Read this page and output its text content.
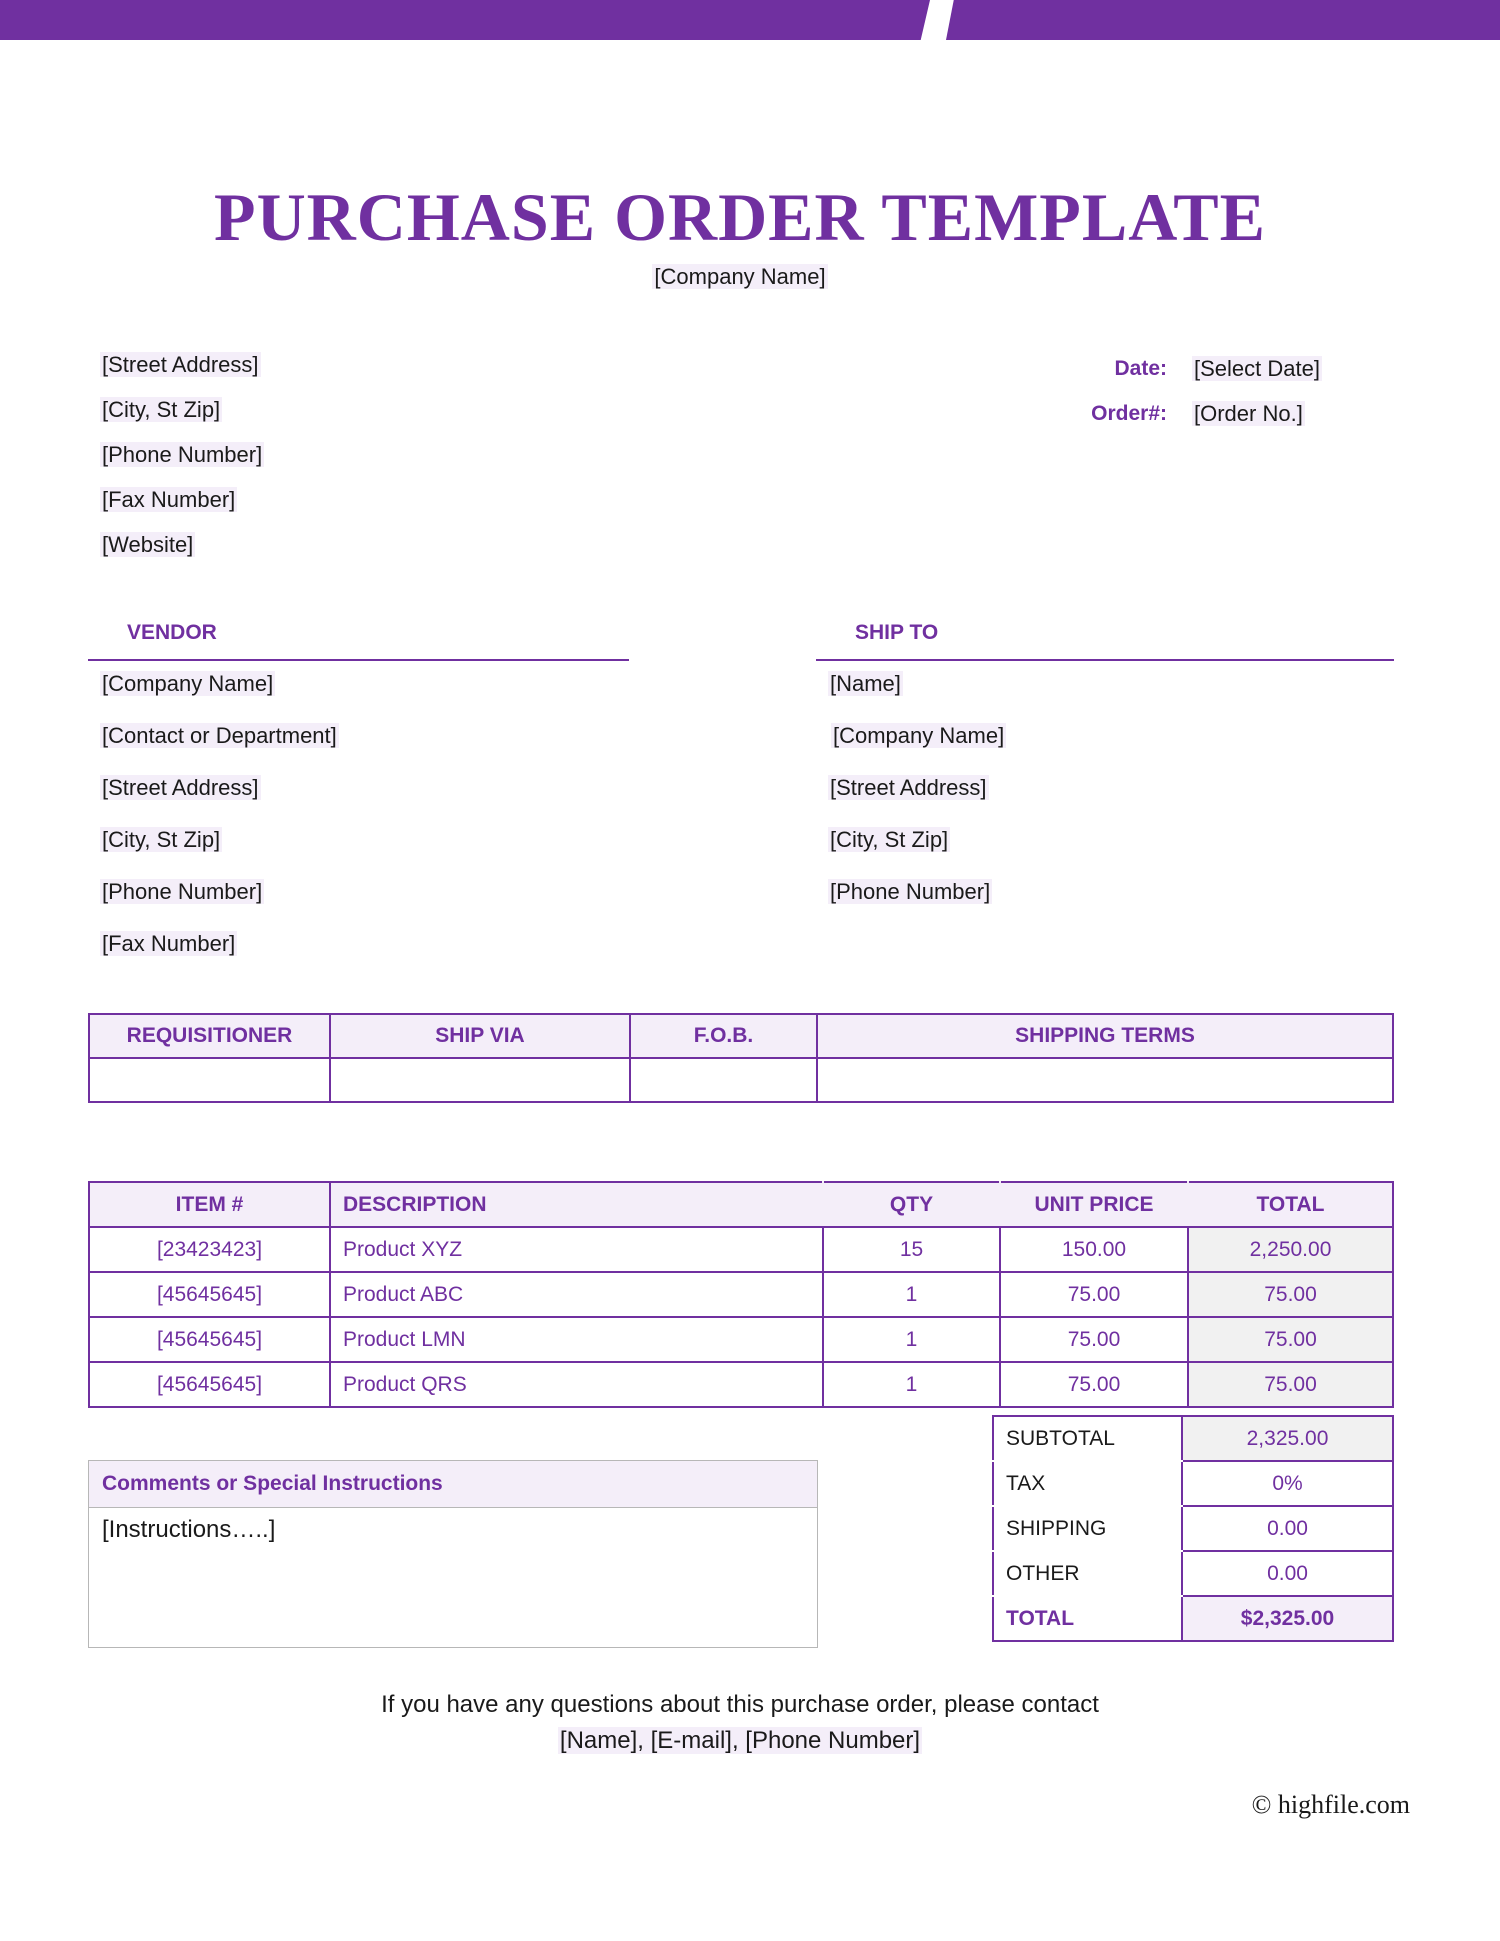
PURCHASE ORDER TEMPLATE
[Company Name]
[Street Address]
[City, St Zip]
[Phone Number]
[Fax Number]
[Website]
Date: [Select Date]
Order#: [Order No.]
VENDOR
[Company Name]
[Contact or Department]
[Street Address]
[City, St Zip]
[Phone Number]
[Fax Number]
SHIP TO
[Name]
[Company Name]
[Street Address]
[City, St Zip]
[Phone Number]
REQUISITIONER	SHIP VIA	F.O.B.	SHIPPING TERMS

ITEM #	DESCRIPTION	QTY	UNIT PRICE	TOTAL
[23423423]	Product XYZ	15	150.00	2,250.00
[45645645]	Product ABC	1	75.00	75.00
[45645645]	Product LMN	1	75.00	75.00
[45645645]	Product QRS	1	75.00	75.00
SUBTOTAL	2,325.00
TAX	0%
SHIPPING	0.00
OTHER	0.00
TOTAL	$2,325.00
Comments or Special Instructions
[Instructions…..]
If you have any questions about this purchase order, please contact
[Name], [E-mail], [Phone Number]
© highfile.com
